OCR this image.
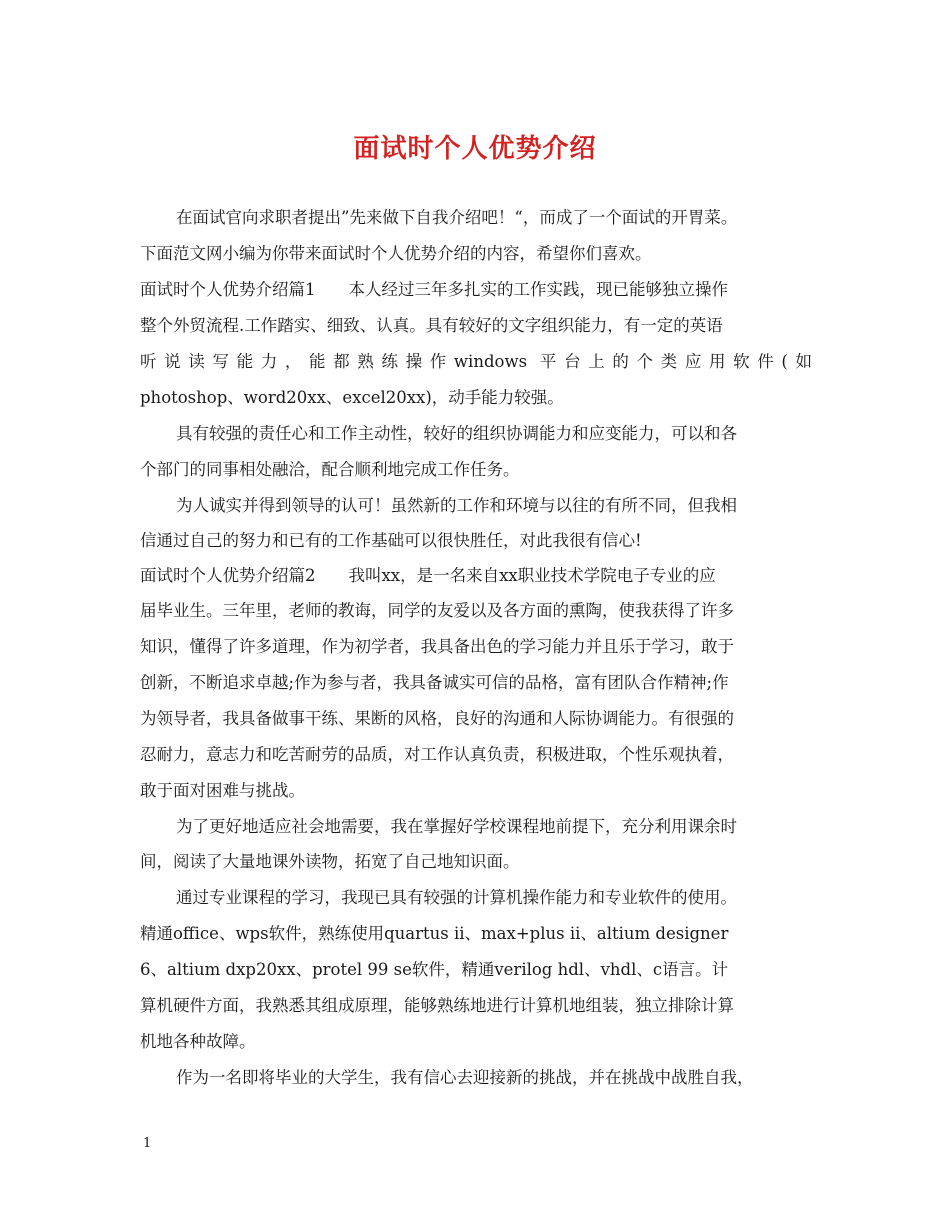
面试时个人优势介绍
在面试官向求职者提出”先来做下自我介绍吧！“，而成了一个面试的开胃菜。
下面范文网小编为你带来面试时个人优势介绍的内容，希望你们喜欢。
面试时个人优势介绍篇1　　本人经过三年多扎实的工作实践，现已能够独立操作
整个外贸流程.工作踏实、细致、认真。具有较好的文字组织能力，有一定的英语
听说读写能力，能都熟练操作windows 平台上的个类应用软件(如
photoshop、word20xx、excel20xx)，动手能力较强。
具有较强的责任心和工作主动性，较好的组织协调能力和应变能力，可以和各
个部门的同事相处融洽，配合顺利地完成工作任务。
为人诚实并得到领导的认可！虽然新的工作和环境与以往的有所不同，但我相
信通过自己的努力和已有的工作基础可以很快胜任，对此我很有信心!
面试时个人优势介绍篇2　　我叫xx，是一名来自xx职业技术学院电子专业的应
届毕业生。三年里，老师的教诲，同学的友爱以及各方面的熏陶，使我获得了许多
知识，懂得了许多道理，作为初学者，我具备出色的学习能力并且乐于学习，敢于
创新，不断追求卓越;作为参与者，我具备诚实可信的品格，富有团队合作精神;作
为领导者，我具备做事干练、果断的风格，良好的沟通和人际协调能力。有很强的
忍耐力，意志力和吃苦耐劳的品质，对工作认真负责，积极进取，个性乐观执着，
敢于面对困难与挑战。
为了更好地适应社会地需要，我在掌握好学校课程地前提下，充分利用课余时
间，阅读了大量地课外读物，拓宽了自己地知识面。
通过专业课程的学习，我现已具有较强的计算机操作能力和专业软件的使用。
精通office、wps软件，熟练使用quartus ii、max+plus ii、altium designer
6、altium dxp20xx、protel 99 se软件，精通verilog hdl、vhdl、c语言。计
算机硬件方面，我熟悉其组成原理，能够熟练地进行计算机地组装，独立排除计算
机地各种故障。
作为一名即将毕业的大学生，我有信心去迎接新的挑战，并在挑战中战胜自我，
1
